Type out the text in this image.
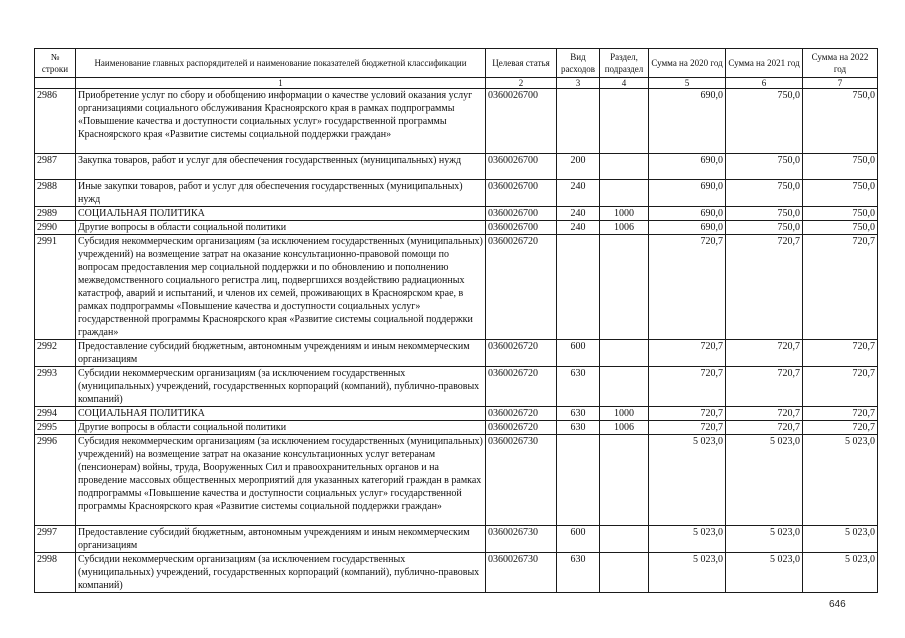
№ строки	Наименование главных распорядителей и наименование показателей бюджетной классификации	Целевая статья	Вид расходов	Раздел, подраздел	Сумма на 2020 год	Сумма на 2021 год	Сумма на 2022 год
	1	2	3	4	5	6	7
2986	Приобретение услуг по сбору и обобщению информации о качестве условий оказания услуг организациями социального обслуживания Красноярского края в рамках подпрограммы «Повышение качества и доступности социальных услуг» государственной программы Красноярского края «Развитие системы социальной поддержки граждан»	0360026700			690,0	750,0	750,0
2987	Закупка товаров, работ и услуг для обеспечения государственных (муниципальных) нужд	0360026700	200		690,0	750,0	750,0
2988	Иные закупки товаров, работ и услуг для обеспечения государственных (муниципальных) нужд	0360026700	240		690,0	750,0	750,0
2989	СОЦИАЛЬНАЯ ПОЛИТИКА	0360026700	240	1000	690,0	750,0	750,0
2990	Другие вопросы в области социальной политики	0360026700	240	1006	690,0	750,0	750,0
2991	Субсидия некоммерческим организациям (за исключением государственных (муниципальных) учреждений) на возмещение затрат на оказание консультационно-правовой помощи по вопросам предоставления мер социальной поддержки и по обновлению и пополнению межведомственного социального регистра лиц, подвергшихся воздействию радиационных катастроф, аварий и испытаний, и членов их семей, проживающих в Красноярском крае, в рамках подпрограммы «Повышение качества и доступности социальных услуг» государственной программы Красноярского края «Развитие системы социальной поддержки граждан»	0360026720			720,7	720,7	720,7
2992	Предоставление субсидий бюджетным, автономным учреждениям и иным некоммерческим организациям	0360026720	600		720,7	720,7	720,7
2993	Субсидии некоммерческим организациям (за исключением государственных (муниципальных) учреждений, государственных корпораций (компаний), публично-правовых компаний)	0360026720	630		720,7	720,7	720,7
2994	СОЦИАЛЬНАЯ ПОЛИТИКА	0360026720	630	1000	720,7	720,7	720,7
2995	Другие вопросы в области социальной политики	0360026720	630	1006	720,7	720,7	720,7
2996	Субсидия некоммерческим организациям (за исключением государственных (муниципальных) учреждений) на возмещение затрат на оказание консультационных услуг ветеранам (пенсионерам) войны, труда, Вооруженных Сил и правоохранительных органов и на проведение массовых общественных мероприятий для указанных категорий граждан в рамках подпрограммы «Повышение качества и доступности социальных услуг» государственной программы Красноярского края «Развитие системы социальной поддержки граждан»	0360026730			5 023,0	5 023,0	5 023,0
2997	Предоставление субсидий бюджетным, автономным учреждениям и иным некоммерческим организациям	0360026730	600		5 023,0	5 023,0	5 023,0
2998	Субсидии некоммерческим организациям (за исключением государственных (муниципальных) учреждений, государственных корпораций (компаний), публично-правовых компаний)	0360026730	630		5 023,0	5 023,0	5 023,0
646
